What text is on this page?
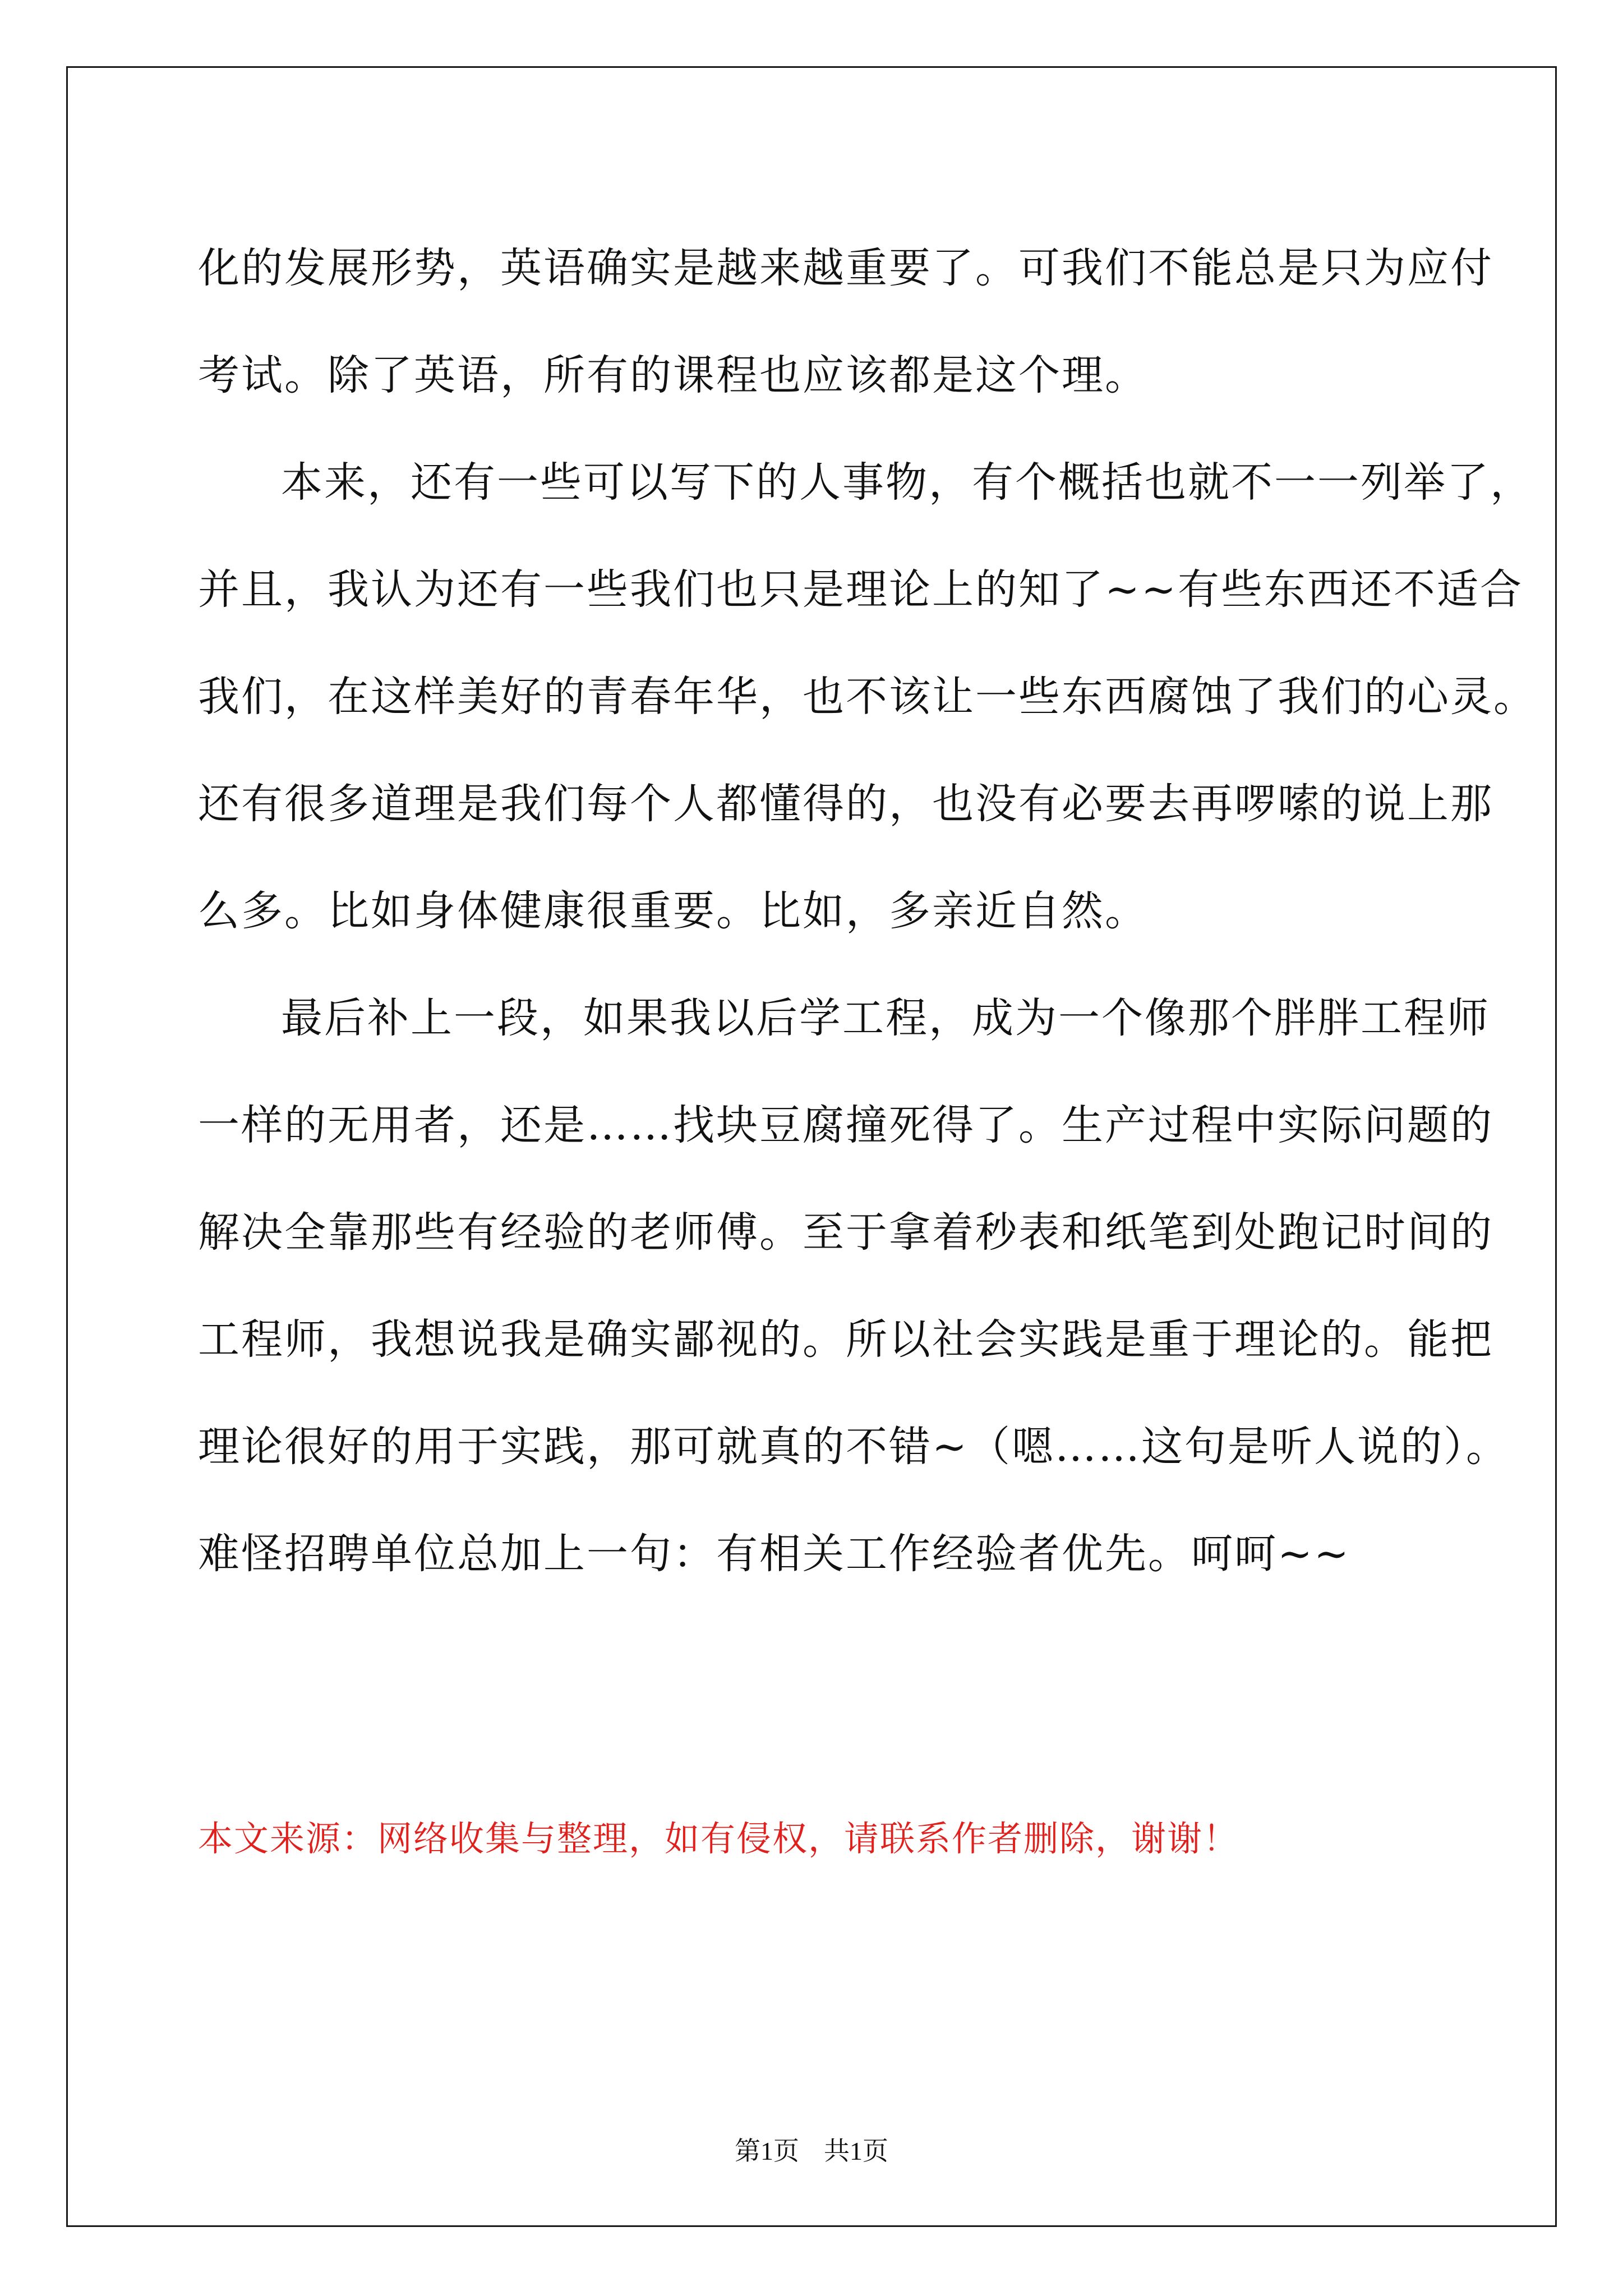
化的发展形势，英语确实是越来越重要了。可我们不能总是只为应付
考试。除了英语，所有的课程也应该都是这个理。
本来，还有一些可以写下的人事物，有个概括也就不一一列举了，
并且，我认为还有一些我们也只是理论上的知了~~有些东西还不适合
我们，在这样美好的青春年华，也不该让一些东西腐蚀了我们的心灵。
还有很多道理是我们每个人都懂得的，也没有必要去再啰嗦的说上那
么多。比如身体健康很重要。比如，多亲近自然。
最后补上一段，如果我以后学工程，成为一个像那个胖胖工程师
一样的无用者，还是……找块豆腐撞死得了。生产过程中实际问题的
解决全靠那些有经验的老师傅。至于拿着秒表和纸笔到处跑记时间的
工程师，我想说我是确实鄙视的。所以社会实践是重于理论的。能把
理论很好的用于实践，那可就真的不错~（嗯……这句是听人说的）。
难怪招聘单位总加上一句：有相关工作经验者优先。呵呵~~
本文来源：网络收集与整理，如有侵权，请联系作者删除，谢谢！
第1页 共1页
